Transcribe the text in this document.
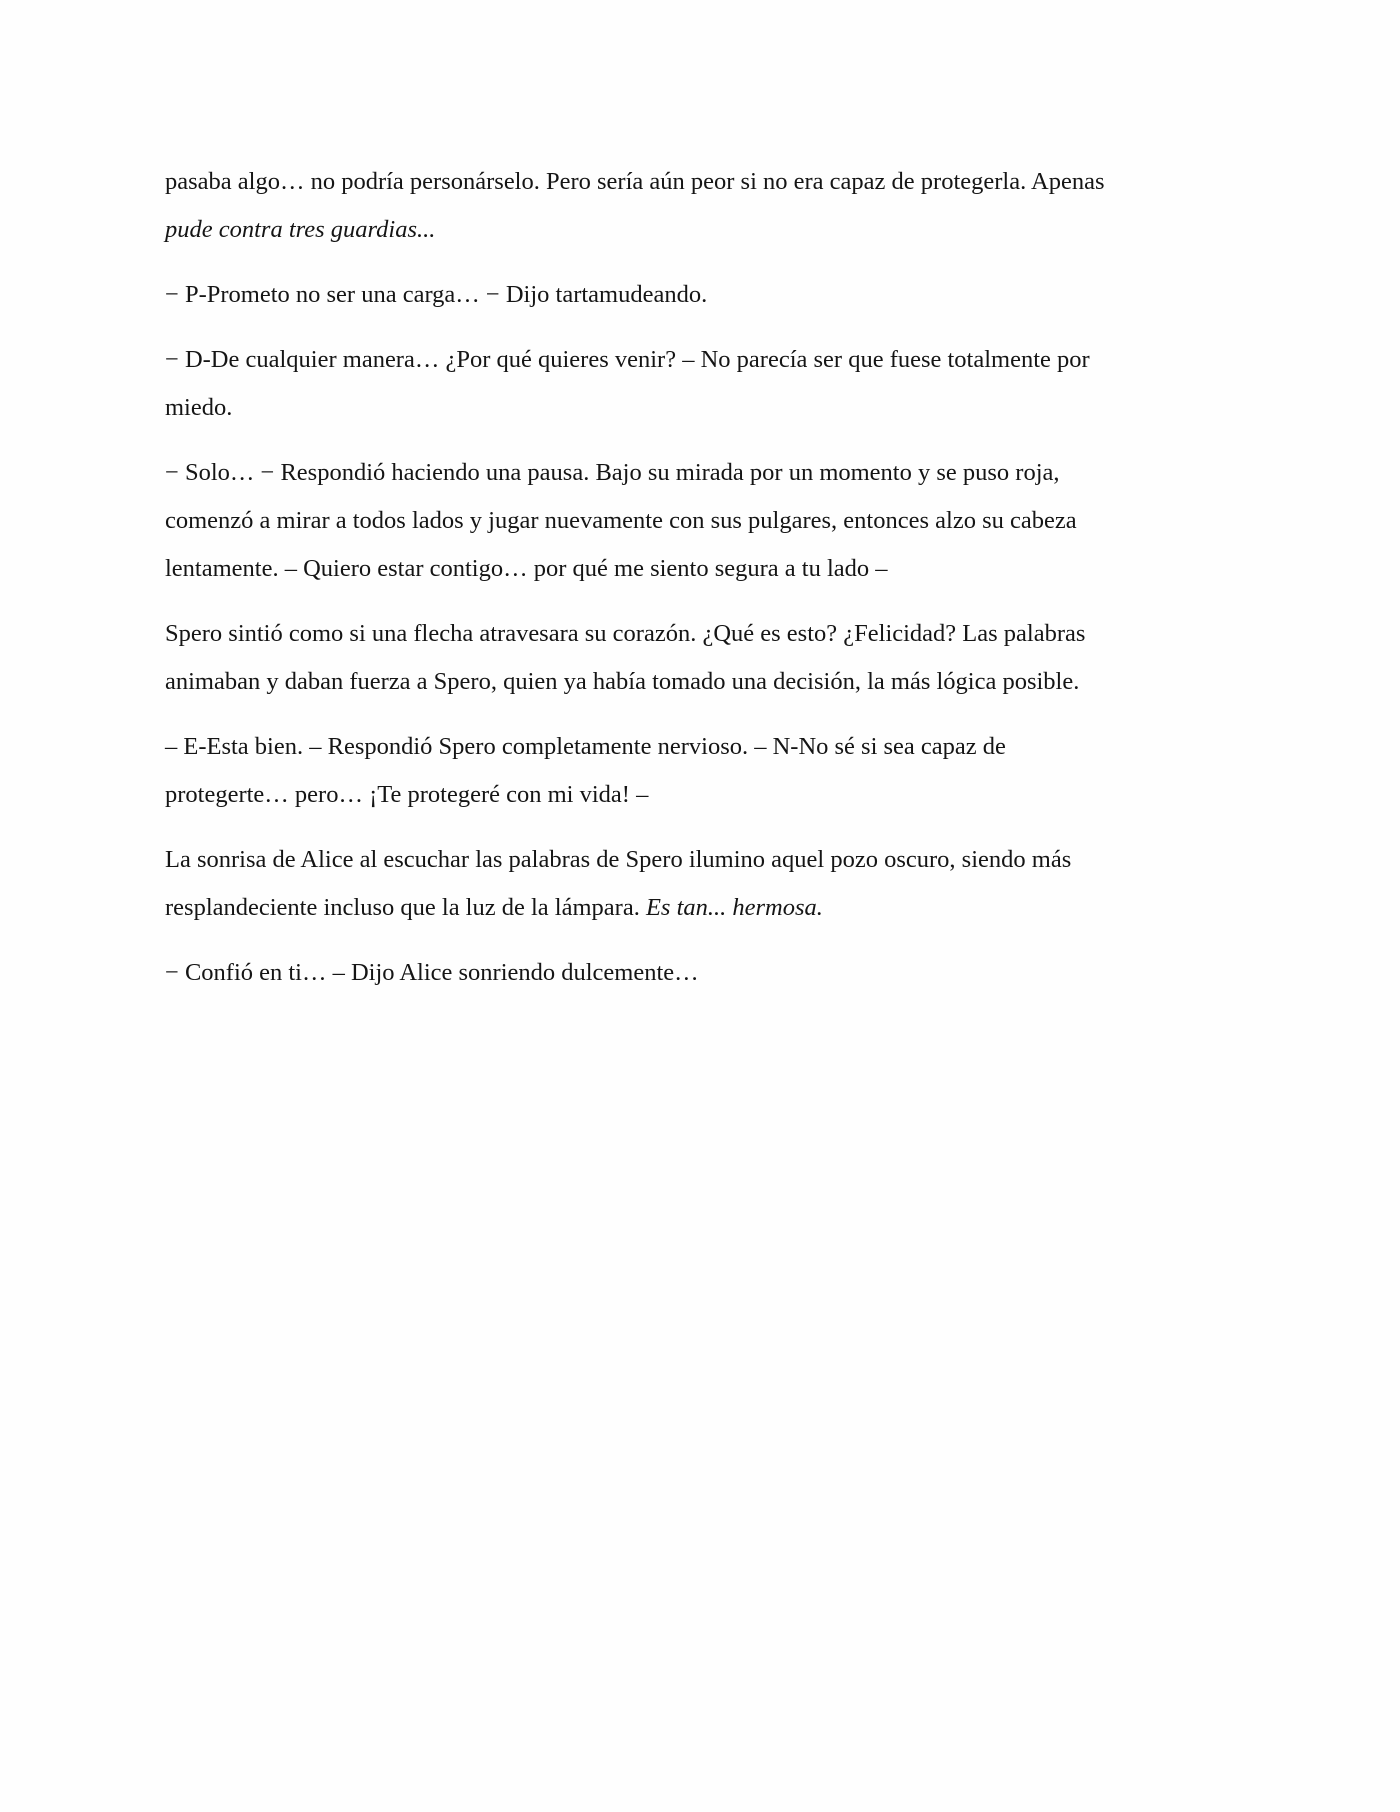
pasaba algo… no podría personárselo. Pero sería aún peor si no era capaz de protegerla. Apenas
pude contra tres guardias...

− P-Prometo no ser una carga… − Dijo tartamudeando.

− D-De cualquier manera… ¿Por qué quieres venir? – No parecía ser que fuese totalmente por
miedo.

− Solo… − Respondió haciendo una pausa. Bajo su mirada por un momento y se puso roja,
comenzó a mirar a todos lados y jugar nuevamente con sus pulgares, entonces alzo su cabeza
lentamente. – Quiero estar contigo… por qué me siento segura a tu lado –

Spero sintió como si una flecha atravesara su corazón. ¿Qué es esto? ¿Felicidad? Las palabras
animaban y daban fuerza a Spero, quien ya había tomado una decisión, la más lógica posible.

– E-Esta bien. – Respondió Spero completamente nervioso. – N-No sé si sea capaz de
protegerte… pero… ¡Te protegeré con mi vida! –

La sonrisa de Alice al escuchar las palabras de Spero ilumino aquel pozo oscuro, siendo más
resplandeciente incluso que la luz de la lámpara. Es tan... hermosa.

− Confió en ti… – Dijo Alice sonriendo dulcemente…
